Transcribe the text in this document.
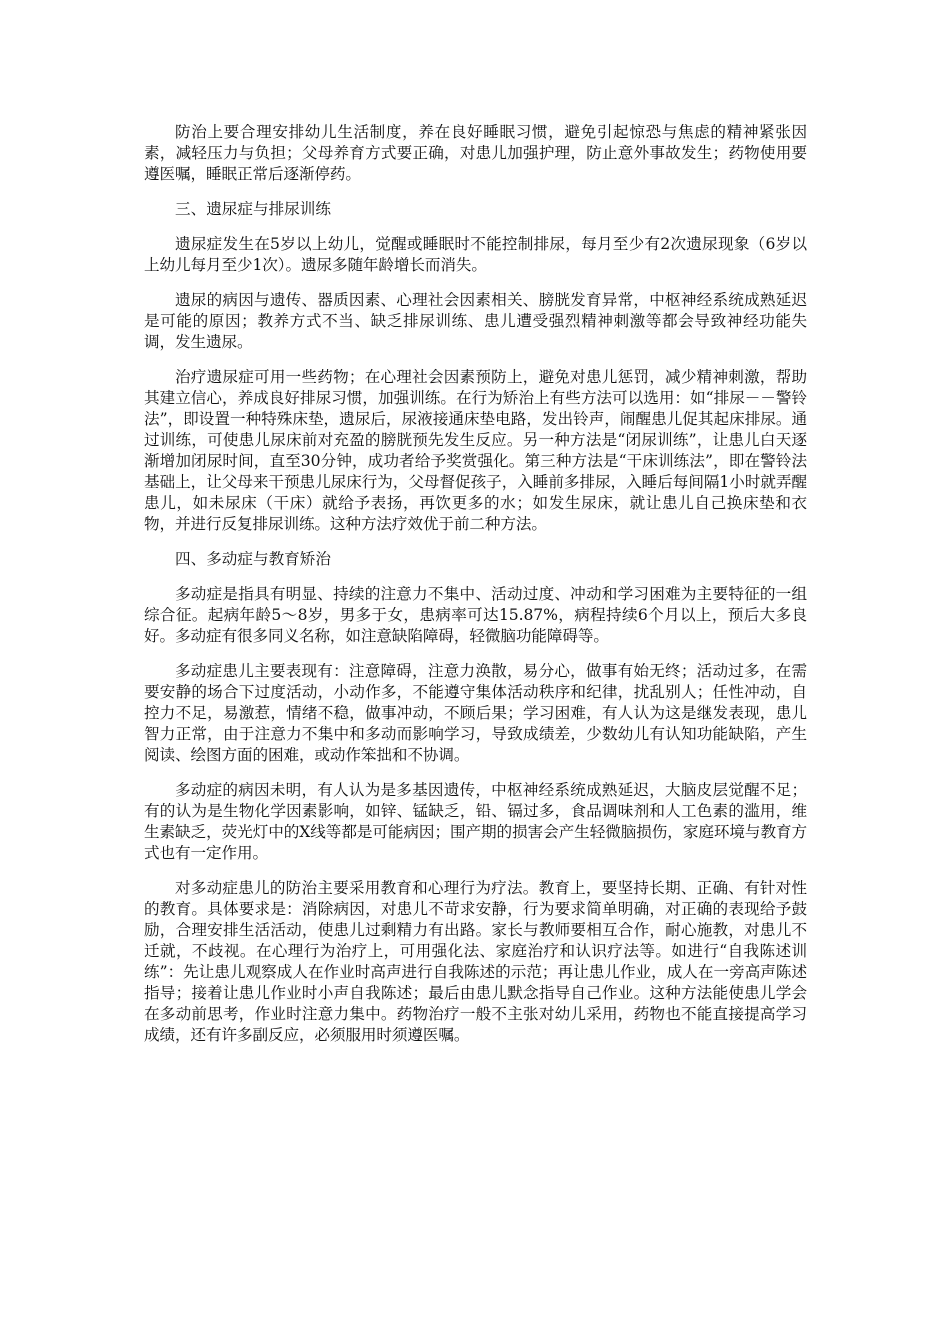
防治上要合理安排幼儿生活制度，养在良好睡眠习惯，避免引起惊恐与焦虑的精神紧张因素，减轻压力与负担；父母养育方式要正确，对患儿加强护理，防止意外事故发生；药物使用要遵医嘱，睡眠正常后逐渐停药。

三、遗尿症与排尿训练

遗尿症发生在5岁以上幼儿，觉醒或睡眠时不能控制排尿，每月至少有2次遗尿现象（6岁以上幼儿每月至少1次）。遗尿多随年龄增长而消失。

遗尿的病因与遗传、器质因素、心理社会因素相关、膀胱发育异常，中枢神经系统成熟延迟是可能的原因；教养方式不当、缺乏排尿训练、患儿遭受强烈精神刺激等都会导致神经功能失调，发生遗尿。

治疗遗尿症可用一些药物；在心理社会因素预防上，避免对患儿惩罚，减少精神刺激，帮助其建立信心，养成良好排尿习惯，加强训练。在行为矫治上有些方法可以选用：如“排尿－－警铃法”，即设置一种特殊床垫，遗尿后，尿液接通床垫电路，发出铃声，闹醒患儿促其起床排尿。通过训练，可使患儿尿床前对充盈的膀胱预先发生反应。另一种方法是“闭尿训练”，让患儿白天逐渐增加闭尿时间，直至30分钟，成功者给予奖赏强化。第三种方法是“干床训练法”，即在警铃法基础上，让父母来干预患儿尿床行为，父母督促孩子，入睡前多排尿，入睡后每间隔1小时就弄醒患儿，如未尿床（干床）就给予表扬，再饮更多的水；如发生尿床，就让患儿自己换床垫和衣物，并进行反复排尿训练。这种方法疗效优于前二种方法。

四、多动症与教育矫治

多动症是指具有明显、持续的注意力不集中、活动过度、冲动和学习困难为主要特征的一组综合征。起病年龄5～8岁，男多于女，患病率可达15.87%，病程持续6个月以上，预后大多良好。多动症有很多同义名称，如注意缺陷障碍，轻微脑功能障碍等。

多动症患儿主要表现有：注意障碍，注意力涣散，易分心，做事有始无终；活动过多，在需要安静的场合下过度活动，小动作多，不能遵守集体活动秩序和纪律，扰乱别人；任性冲动，自控力不足，易激惹，情绪不稳，做事冲动，不顾后果；学习困难，有人认为这是继发表现，患儿智力正常，由于注意力不集中和多动而影响学习，导致成绩差，少数幼儿有认知功能缺陷，产生阅读、绘图方面的困难，或动作笨拙和不协调。

多动症的病因未明，有人认为是多基因遗传，中枢神经系统成熟延迟，大脑皮层觉醒不足；有的认为是生物化学因素影响，如锌、锰缺乏，铅、镉过多，食品调味剂和人工色素的滥用，维生素缺乏，荧光灯中的X线等都是可能病因；围产期的损害会产生轻微脑损伤，家庭环境与教育方式也有一定作用。

对多动症患儿的防治主要采用教育和心理行为疗法。教育上，要坚持长期、正确、有针对性的教育。具体要求是：消除病因，对患儿不苛求安静，行为要求简单明确，对正确的表现给予鼓励，合理安排生活活动，使患儿过剩精力有出路。家长与教师要相互合作，耐心施教，对患儿不迁就，不歧视。在心理行为治疗上，可用强化法、家庭治疗和认识疗法等。如进行“自我陈述训练”：先让患儿观察成人在作业时高声进行自我陈述的示范；再让患儿作业，成人在一旁高声陈述指导；接着让患儿作业时小声自我陈述；最后由患儿默念指导自己作业。这种方法能使患儿学会在多动前思考，作业时注意力集中。药物治疗一般不主张对幼儿采用，药物也不能直接提高学习成绩，还有许多副反应，必须服用时须遵医嘱。
